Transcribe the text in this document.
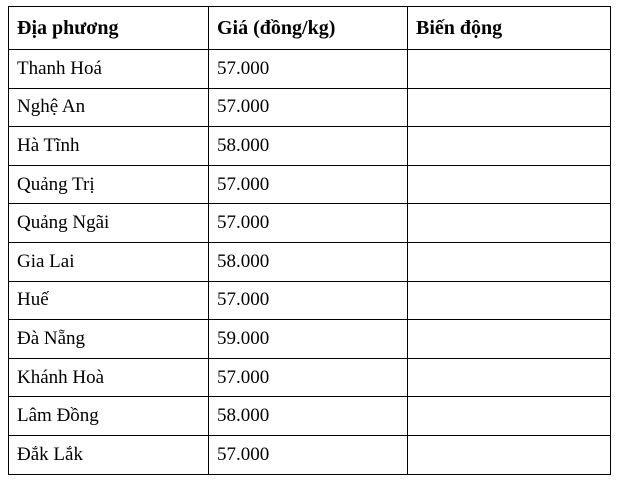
Địa phương	Giá (đồng/kg)	Biến động
Thanh Hoá	57.000	
Nghệ An	57.000	
Hà Tĩnh	58.000	
Quảng Trị	57.000	
Quảng Ngãi	57.000	
Gia Lai	58.000	
Huế	57.000	
Đà Nẵng	59.000	
Khánh Hoà	57.000	
Lâm Đồng	58.000	
Đắk Lắk	57.000	
